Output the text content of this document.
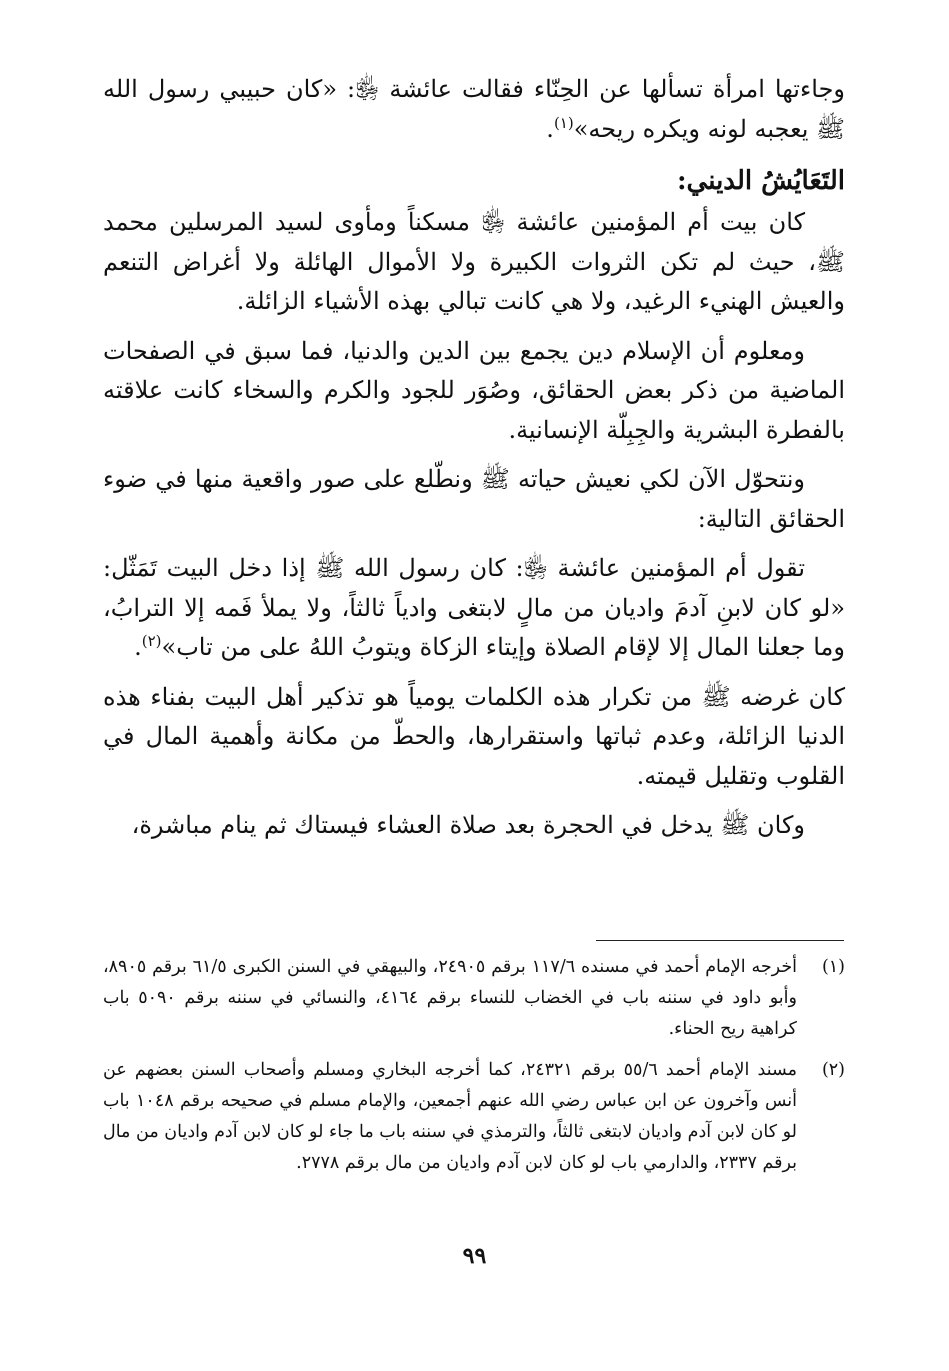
وجاءتها امرأة تسألها عن الحِنّاء فقالت عائشة ﵂: «كان حبيبي رسول الله ﷺ يعجبه لونه ويكره ريحه»$^{(١)}$.

التَعَايُشُ الديني:

كان بيت أم المؤمنين عائشة ﵂ مسكناً ومأوى لسيد المرسلين محمد ﷺ، حيث لم تكن الثروات الكبيرة ولا الأموال الهائلة ولا أغراض التنعم والعيش الهنيء الرغيد، ولا هي كانت تبالي بهذه الأشياء الزائلة.

ومعلوم أن الإسلام دين يجمع بين الدين والدنيا، فما سبق في الصفحات الماضية من ذكر بعض الحقائق، وصُوَر للجود والكرم والسخاء كانت علاقته بالفطرة البشرية والجِبِلّة الإنسانية.

ونتحوّل الآن لكي نعيش حياته ﷺ ونطّلع على صور واقعية منها في ضوء الحقائق التالية:

تقول أم المؤمنين عائشة ﵂: كان رسول الله ﷺ إذا دخل البيت تَمَثّل: «لو كان لابنِ آدمَ واديان من مالٍ لابتغى وادياً ثالثاً، ولا يملأ فَمه إلا الترابُ، وما جعلنا المال إلا لإقام الصلاة وإيتاء الزكاة ويتوبُ اللهُ على من تاب»$^{(٢)}$.

كان غرضه ﷺ من تكرار هذه الكلمات يومياً هو تذكير أهل البيت بفناء هذه الدنيا الزائلة، وعدم ثباتها واستقرارها، والحطّ من مكانة وأهمية المال في القلوب وتقليل قيمته.

وكان ﷺ يدخل في الحجرة بعد صلاة العشاء فيستاك ثم ينام مباشرة،

(١)
أخرجه الإمام أحمد في مسنده ١١٧/٦ برقم ٢٤٩٠٥، والبيهقي في السنن الكبرى ٦١/٥ برقم ٨٩٠٥، وأبو داود في سننه باب في الخضاب للنساء برقم ٤١٦٤، والنسائي في سننه برقم ٥٠٩٠ باب كراهية ريح الحناء.
(٢)
مسند الإمام أحمد ٥٥/٦ برقم ٢٤٣٢١، كما أخرجه البخاري ومسلم وأصحاب السنن بعضهم عن أنس وآخرون عن ابن عباس رضي الله عنهم أجمعين، والإمام مسلم في صحيحه برقم ١٠٤٨ باب لو كان لابن آدم واديان لابتغى ثالثاً، والترمذي في سننه باب ما جاء لو كان لابن آدم واديان من مال برقم ٢٣٣٧، والدارمي باب لو كان لابن آدم واديان من مال برقم ٢٧٧٨.
٩٩
